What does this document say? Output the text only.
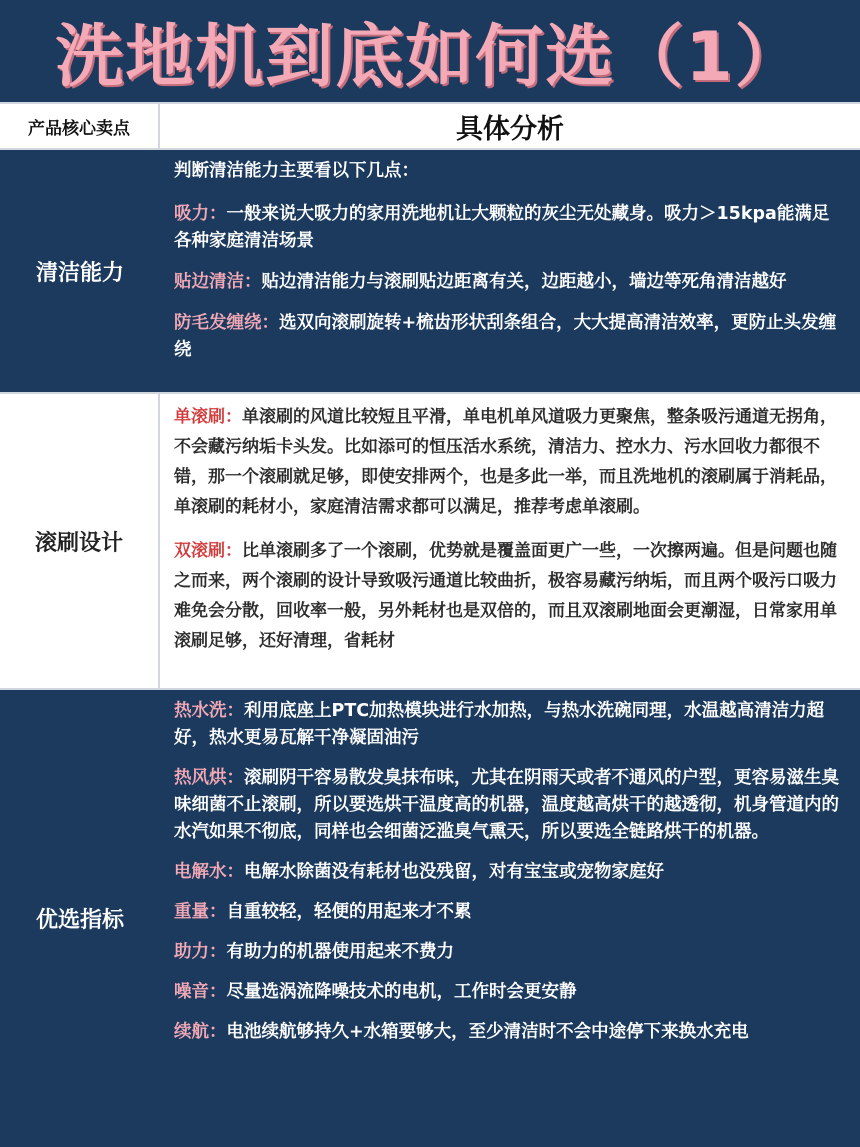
洗地机到底如何选（1）
产品核心卖点	具体分析
清洁能力
判断清洁能力主要看以下几点：
吸力：一般来说大吸力的家用洗地机让大颗粒的灰尘无处藏身。吸力＞15kpa能满足各种家庭清洁场景
贴边清洁：贴边清洁能力与滚刷贴边距离有关，边距越小，墙边等死角清洁越好
防毛发缠绕：选双向滚刷旋转+梳齿形状刮条组合，大大提高清洁效率，更防止头发缠绕
滚刷设计
单滚刷：单滚刷的风道比较短且平滑，单电机单风道吸力更聚焦，整条吸污通道无拐角，不会藏污纳垢卡头发。比如添可的恒压活水系统，清洁力、控水力、污水回收力都很不错，那一个滚刷就足够，即使安排两个，也是多此一举，而且洗地机的滚刷属于消耗品，单滚刷的耗材小，家庭清洁需求都可以满足，推荐考虑单滚刷。
双滚刷：比单滚刷多了一个滚刷，优势就是覆盖面更广一些，一次擦两遍。但是问题也随之而来，两个滚刷的设计导致吸污通道比较曲折，极容易藏污纳垢，而且两个吸污口吸力难免会分散，回收率一般，另外耗材也是双倍的，而且双滚刷地面会更潮湿，日常家用单滚刷足够，还好清理，省耗材
优选指标
热水洗：利用底座上PTC加热模块进行水加热，与热水洗碗同理，水温越高清洁力超好，热水更易瓦解干净凝固油污
热风烘：滚刷阴干容易散发臭抹布味，尤其在阴雨天或者不通风的户型，更容易滋生臭味细菌不止滚刷，所以要选烘干温度高的机器，温度越高烘干的越透彻，机身管道内的水汽如果不彻底，同样也会细菌泛滥臭气熏天，所以要选全链路烘干的机器。
电解水：电解水除菌没有耗材也没残留，对有宝宝或宠物家庭好
重量：自重较轻，轻便的用起来才不累
助力：有助力的机器使用起来不费力
噪音：尽量选涡流降噪技术的电机，工作时会更安静
续航：电池续航够持久+水箱要够大，至少清洁时不会中途停下来换水充电
